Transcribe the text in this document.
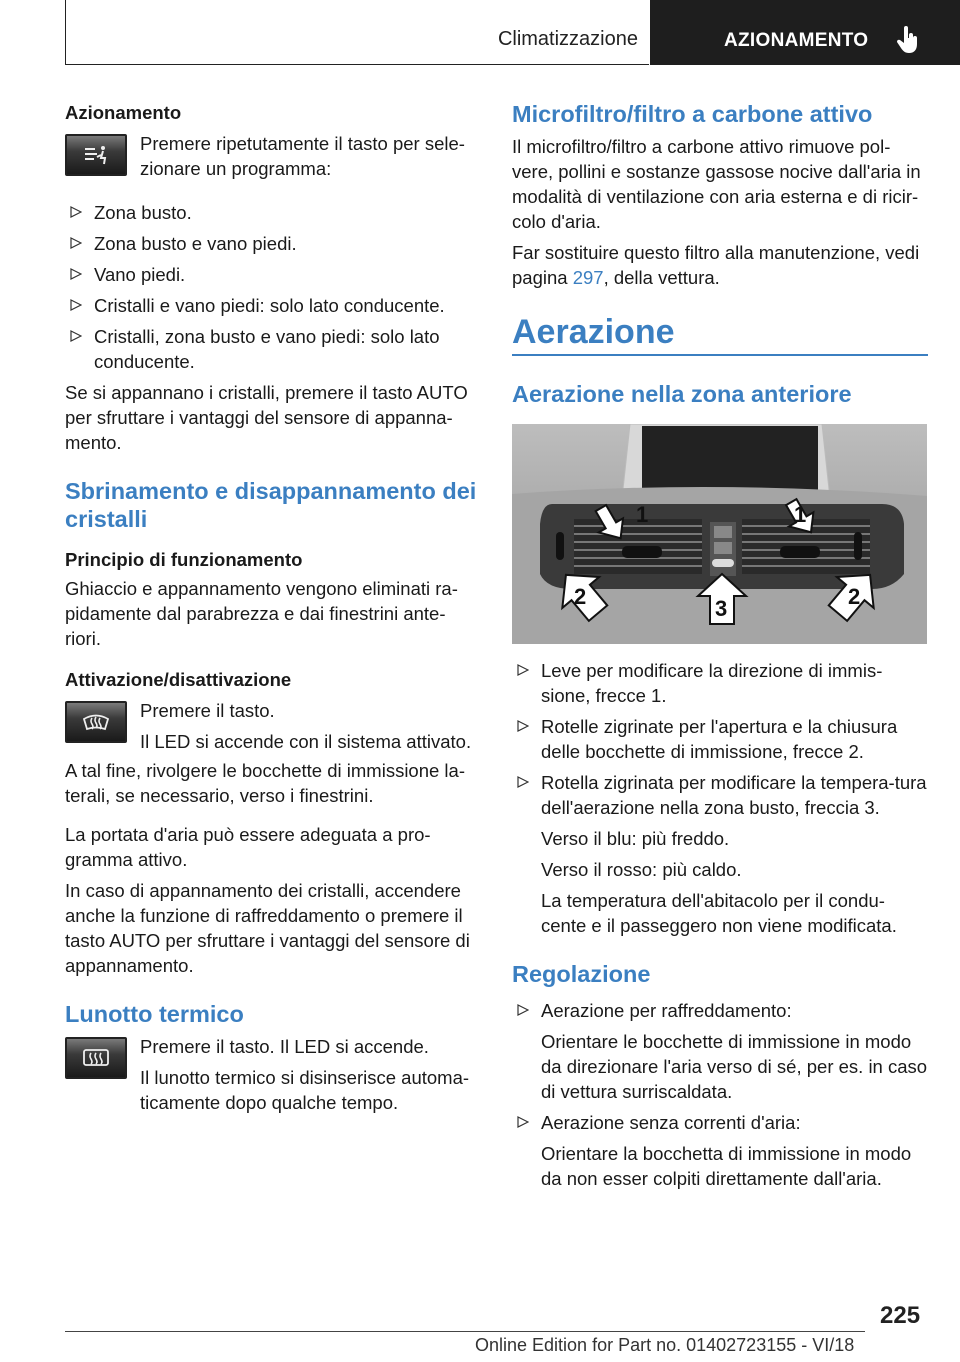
Climatizzazione	AZIONAMENTO
Azionamento

Premere ripetutamente il tasto per sele-zionare un programma:

Zona busto.
Zona busto e vano piedi.
Vano piedi.
Cristalli e vano piedi: solo lato conducente.
Cristalli, zona busto e vano piedi: solo lato conducente.

Se si appannano i cristalli, premere il tasto AUTO per sfruttare i vantaggi del sensore di appanna-mento.

Sbrinamento e disappannamento dei cristalli
Principio di funzionamento

Ghiaccio e appannamento vengono eliminati ra-pidamente dal parabrezza e dai finestrini ante-riori.

Attivazione/disattivazione

Premere il tasto.

Il LED si accende con il sistema attivato.

A tal fine, rivolgere le bocchette di immissione la-terali, se necessario, verso i finestrini.

La portata d'aria può essere adeguata a pro-gramma attivo.

In caso di appannamento dei cristalli, accendere anche la funzione di raffreddamento o premere il tasto AUTO per sfruttare i vantaggi del sensore di appannamento.

Lunotto termico

Premere il tasto. Il LED si accende.

Il lunotto termico si disinserisce automa-ticamente dopo qualche tempo.

Microfiltro/filtro a carbone attivo

Il microfiltro/filtro a carbone attivo rimuove pol-vere, pollini e sostanze gassose nocive dall'aria in modalità di ventilazione con aria esterna e di ricir-colo d'aria.

Far sostituire questo filtro alla manutenzione, vedi pagina 297, della vettura.

Aerazione
Aerazione nella zona anteriore
1	1
2	3	2
Leve per modificare la direzione di immis-sione, frecce 1.
Rotelle zigrinate per l'apertura e la chiusura delle bocchette di immissione, frecce 2.
Rotella zigrinata per modificare la tempera-tura dell'aerazione nella zona busto, freccia 3.

Verso il blu: più freddo.

Verso il rosso: più caldo.

La temperatura dell'abitacolo per il condu-cente e il passeggero non viene modificata.

Regolazione
Aerazione per raffreddamento:

Orientare le bocchette di immissione in modo da direzionare l'aria verso di sé, per es. in caso di vettura surriscaldata.

Aerazione senza correnti d'aria:

Orientare la bocchetta di immissione in modo da non esser colpiti direttamente dall'aria.

225
Online Edition for Part no. 01402723155 - VI/18
